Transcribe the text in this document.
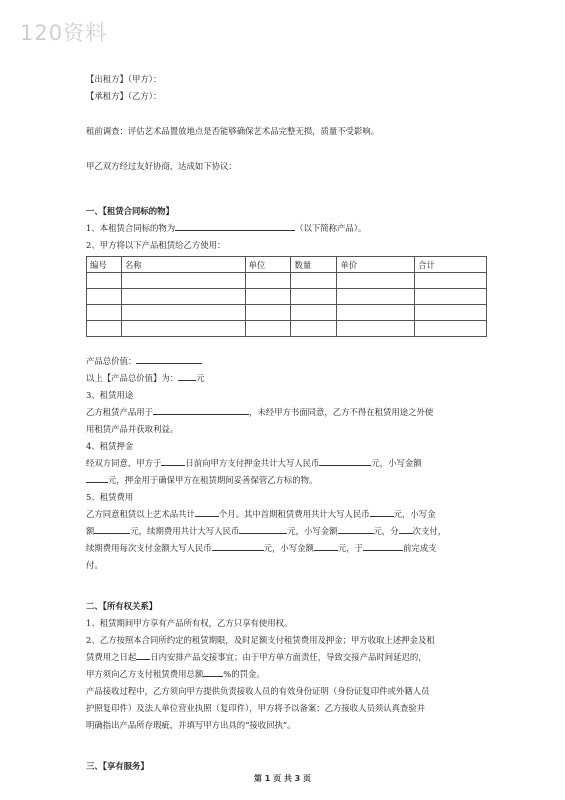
120资料

【出租方】（甲方）：

【承租方】（乙方）：

租前调查：评估艺术品置放地点是否能够确保艺术品完整无损，质量不受影响。

甲乙双方经过友好协商，达成如下协议：

一、【租赁合同标的物】

1、本租赁合同标的物为	（以下简称产品）。

2、甲方将以下产品租赁给乙方使用：

编号	名称	单位	数量	单价	合计

产品总价值：

以上【产品总价值】为： 元

3、租赁用途

乙方租赁产品用于	，未经甲方书面同意，乙方不得在租赁用途之外使

用租赁产品并获取利益。

4、租赁押金

经双方同意，甲方于	日前向甲方支付押金共计大写人民币	元，小写金额

元，押金用于确保甲方在租赁期间妥善保管乙方标的物。

5、租赁费用

乙方同意租赁以上艺术品共计	个月。其中首期租赁费用共计大写人民币	元，小写金

额	元，续期费用共计大写人民币	元，小写金额	元，分 次支付，

续期费用每次支付金额大写人民币	元，小写金额	元，于	前完成支

付。

二、【所有权关系】

1、租赁期间甲方享有产品所有权，乙方只享有使用权。

2、乙方按照本合同所约定的租赁期限，及时足额支付租赁费用及押金；甲方收取上述押金及租

赁费用之日起 日内安排产品交接事宜；由于甲方单方面责任，导致交接产品时间延迟的，

甲方须向乙方支付租赁费用总额 %的罚金。

产品接收过程中，乙方须向甲方提供负责接收人员的有效身份证明（身份证复印件或外籍人员

护照复印件）及法人单位营业执照（复印件），甲方将予以备案；乙方接收人员须认真查验并

明确指出产品所存瑕疵，并填写甲方出具的“接收回执”。

三、【享有服务】

第 1 页 共 3 页
